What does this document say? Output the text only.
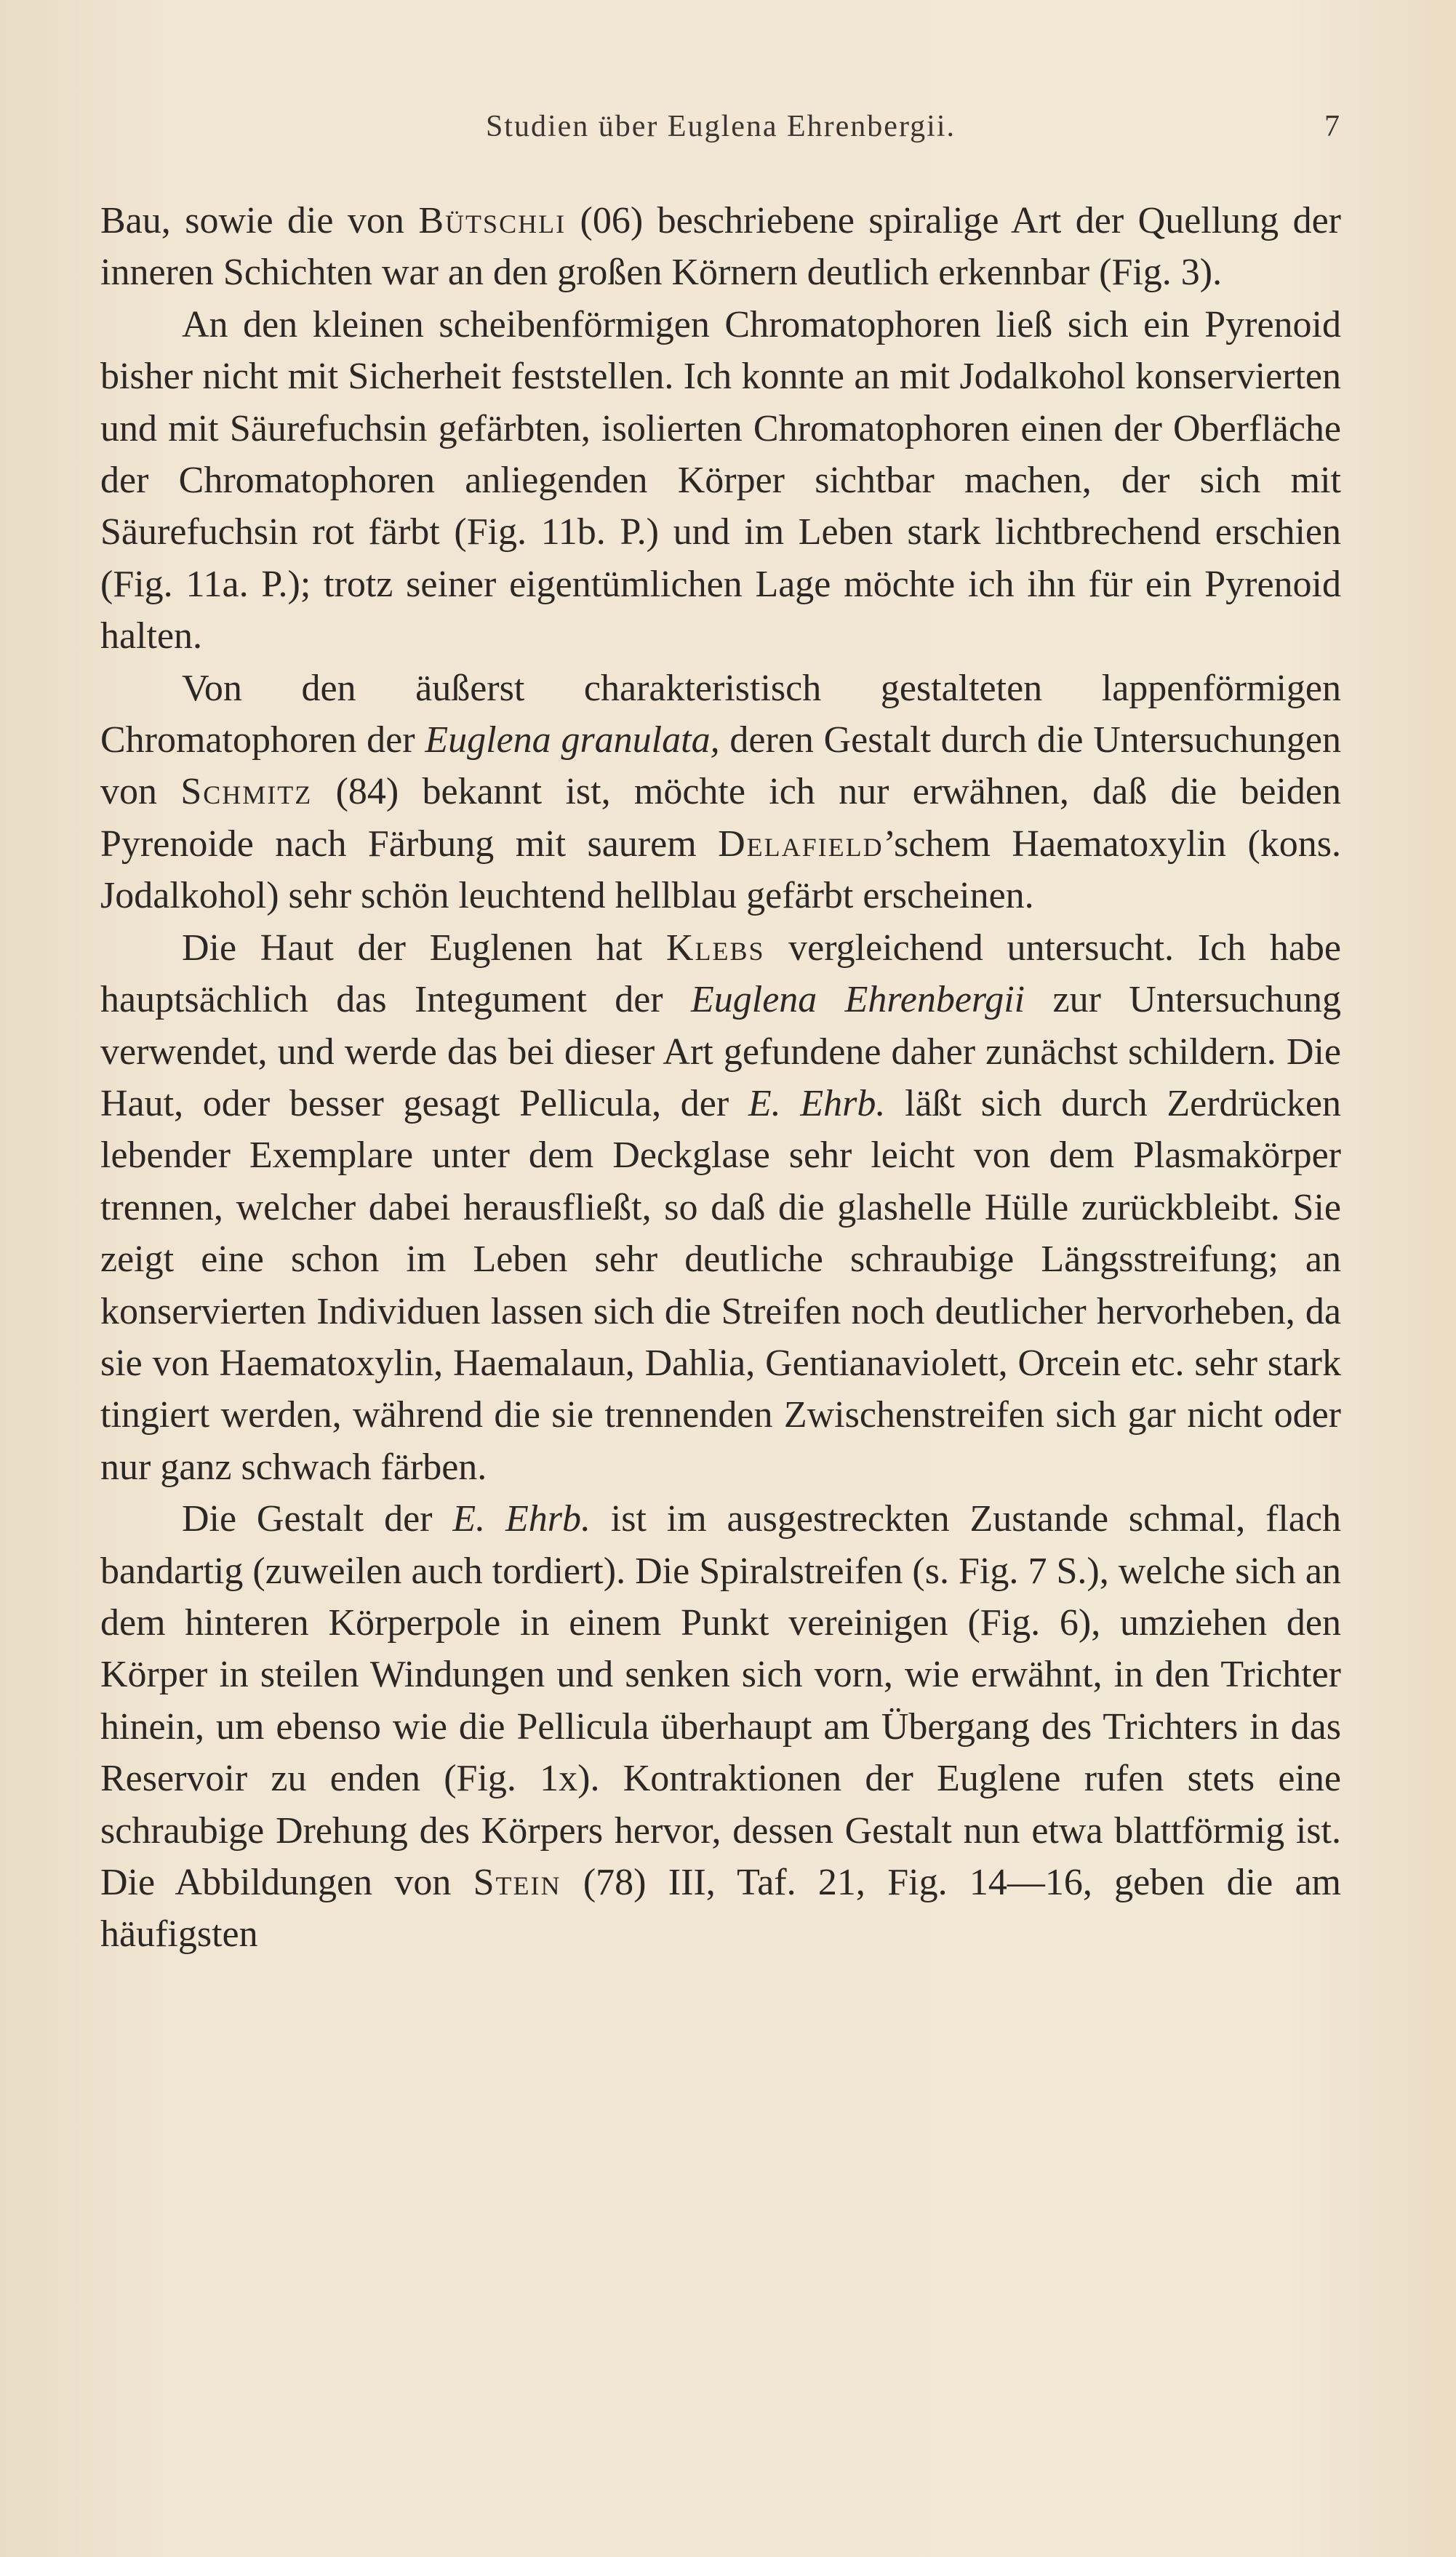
Studien über Euglena Ehrenbergii.	7

Bau, sowie die von Bütschli (06) beschriebene spiralige Art der Quellung der inneren Schichten war an den großen Körnern deutlich erkennbar (Fig. 3).

An den kleinen scheibenförmigen Chromatophoren ließ sich ein Pyrenoid bisher nicht mit Sicherheit feststellen. Ich konnte an mit Jodalkohol konservierten und mit Säurefuchsin gefärbten, isolierten Chromatophoren einen der Oberfläche der Chromatophoren anliegenden Körper sichtbar machen, der sich mit Säurefuchsin rot färbt (Fig. 11b. P.) und im Leben stark lichtbrechend erschien (Fig. 11a. P.); trotz seiner eigentümlichen Lage möchte ich ihn für ein Pyrenoid halten.

Von den äußerst charakteristisch gestalteten lappenförmigen Chromatophoren der Euglena granulata, deren Gestalt durch die Untersuchungen von Schmitz (84) bekannt ist, möchte ich nur erwähnen, daß die beiden Pyrenoide nach Färbung mit saurem Delafield’schem Haematoxylin (kons. Jodalkohol) sehr schön leuchtend hellblau gefärbt erscheinen.

Die Haut der Euglenen hat Klebs vergleichend untersucht. Ich habe hauptsächlich das Integument der Euglena Ehrenbergii zur Untersuchung verwendet, und werde das bei dieser Art gefundene daher zunächst schildern. Die Haut, oder besser gesagt Pellicula, der E. Ehrb. läßt sich durch Zerdrücken lebender Exemplare unter dem Deckglase sehr leicht von dem Plasmakörper trennen, welcher dabei herausfließt, so daß die glashelle Hülle zurückbleibt. Sie zeigt eine schon im Leben sehr deutliche schraubige Längsstreifung; an konservierten Individuen lassen sich die Streifen noch deutlicher hervorheben, da sie von Haematoxylin, Haemalaun, Dahlia, Gentianaviolett, Orcein etc. sehr stark tingiert werden, während die sie trennenden Zwischenstreifen sich gar nicht oder nur ganz schwach färben.

Die Gestalt der E. Ehrb. ist im ausgestreckten Zustande schmal, flach bandartig (zuweilen auch tordiert). Die Spiralstreifen (s. Fig. 7 S.), welche sich an dem hinteren Körperpole in einem Punkt vereinigen (Fig. 6), umziehen den Körper in steilen Windungen und senken sich vorn, wie erwähnt, in den Trichter hinein, um ebenso wie die Pellicula überhaupt am Übergang des Trichters in das Reservoir zu enden (Fig. 1x). Kontraktionen der Euglene rufen stets eine schraubige Drehung des Körpers hervor, dessen Gestalt nun etwa blattförmig ist. Die Abbildungen von Stein (78) III, Taf. 21, Fig. 14—16, geben die am häufigsten
